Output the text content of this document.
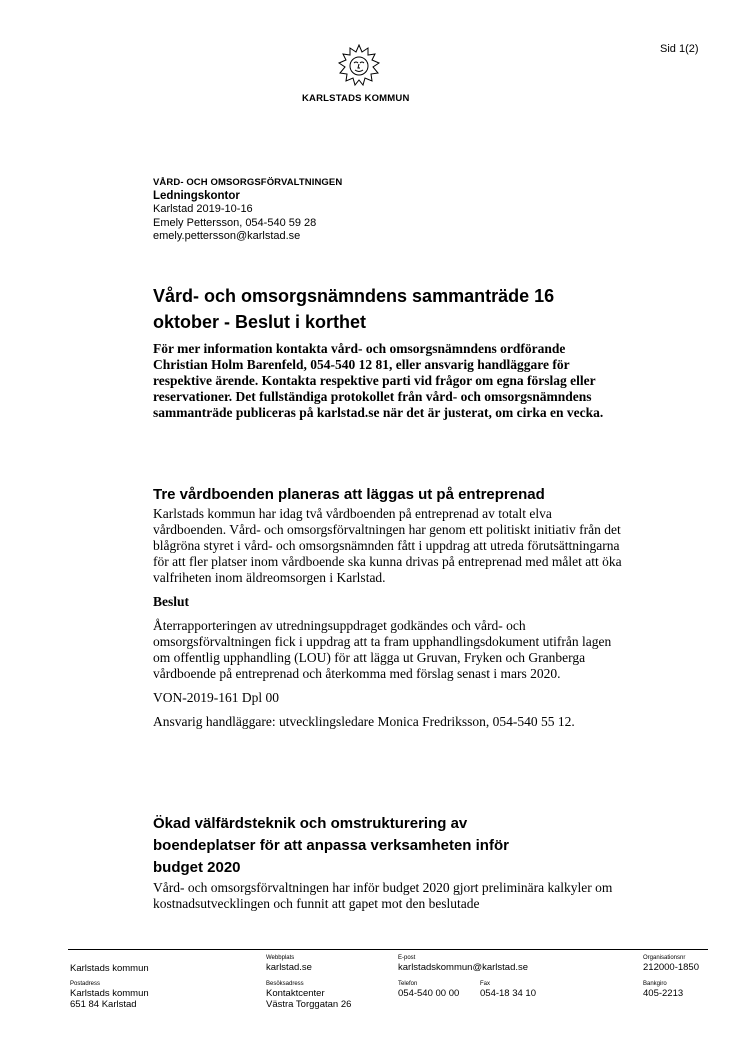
Sid 1(2)
KARLSTADS KOMMUN
VÅRD- OCH OMSORGSFÖRVALTNINGEN
Ledningskontor
Karlstad 2019-10-16
Emely Pettersson, 054-540 59 28
emely.pettersson@karlstad.se
Vård- och omsorgsnämndens sammanträde 16
oktober - Beslut i korthet

För mer information kontakta vård- och omsorgsnämndens ordförande Christian Holm Barenfeld, 054-540 12 81, eller ansvarig handläggare för respektive ärende. Kontakta respektive parti vid frågor om egna förslag eller reservationer. Det fullständiga protokollet från vård- och omsorgsnämndens sammanträde publiceras på karlstad.se när det är justerat, om cirka en vecka.

Tre vårdboenden planeras att läggas ut på entreprenad

Karlstads kommun har idag två vårdboenden på entreprenad av totalt elva vårdboenden. Vård- och omsorgsförvaltningen har genom ett politiskt initiativ från det blågröna styret i vård- och omsorgsnämnden fått i uppdrag att utreda förutsättningarna för att fler platser inom vårdboende ska kunna drivas på entreprenad med målet att öka valfriheten inom äldreomsorgen i Karlstad.

Beslut

Återrapporteringen av utredningsuppdraget godkändes och vård- och omsorgsförvaltningen fick i uppdrag att ta fram upphandlingsdokument utifrån lagen om offentlig upphandling (LOU) för att lägga ut Gruvan, Fryken och Granberga vårdboende på entreprenad och återkomma med förslag senast i mars 2020.

VON-2019-161 Dpl 00

Ansvarig handläggare: utvecklingsledare Monica Fredriksson, 054-540 55 12.

Ökad välfärdsteknik och omstrukturering av
boendeplatser för att anpassa verksamheten inför
budget 2020

Vård- och omsorgsförvaltningen har inför budget 2020 gjort preliminära kalkyler om kostnadsutvecklingen och funnit att gapet mot den beslutade

Karlstads kommun
Webbplats
karlstad.se
E-post
karlstadskommun@karlstad.se
Organisationsnr
212000-1850
Postadress
Karlstads kommun
651 84 Karlstad
Besöksadress
Kontaktcenter
Västra Torggatan 26
Telefon
054-540 00 00
Fax
054-18 34 10
Bankgiro
405-2213
